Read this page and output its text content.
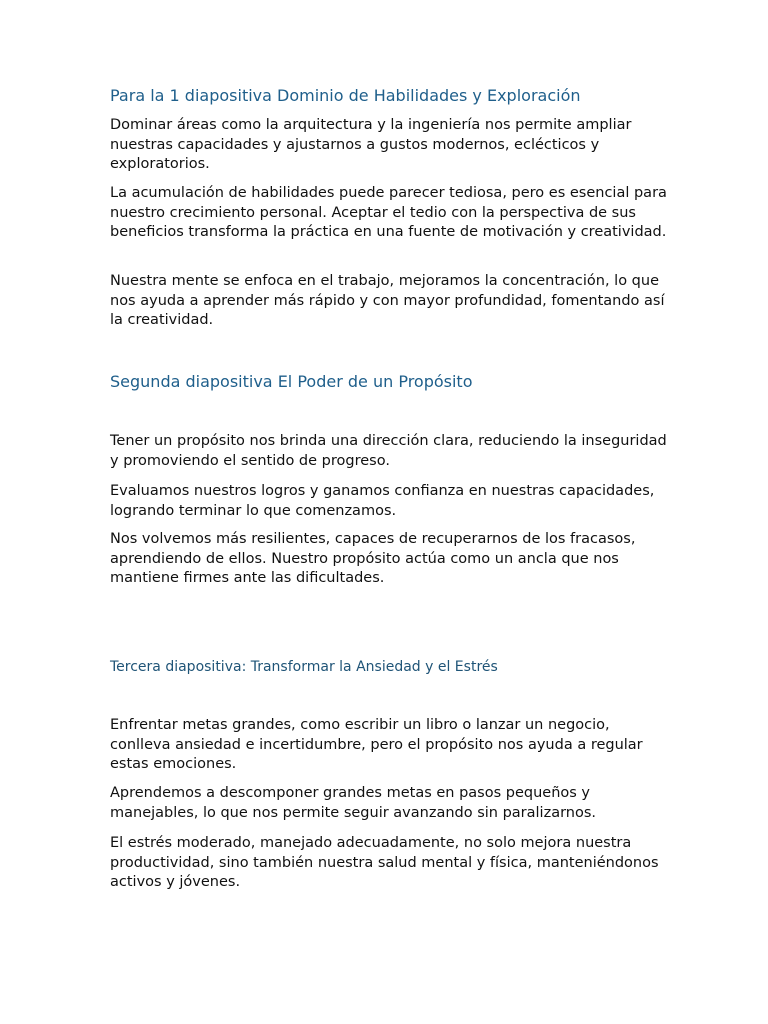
Para la 1 diapositiva Dominio de Habilidades y Exploración

Dominar áreas como la arquitectura y la ingeniería nos permite ampliar nuestras capacidades y ajustarnos a gustos modernos, eclécticos y exploratorios.

La acumulación de habilidades puede parecer tediosa, pero es esencial para nuestro crecimiento personal. Aceptar el tedio con la perspectiva de sus beneficios transforma la práctica en una fuente de motivación y creatividad.

Nuestra mente se enfoca en el trabajo, mejoramos la concentración, lo que nos ayuda a aprender más rápido y con mayor profundidad, fomentando así la creatividad.

Segunda diapositiva El Poder de un Propósito

Tener un propósito nos brinda una dirección clara, reduciendo la inseguridad y promoviendo el sentido de progreso.

Evaluamos nuestros logros y ganamos confianza en nuestras capacidades, logrando terminar lo que comenzamos.

Nos volvemos más resilientes, capaces de recuperarnos de los fracasos, aprendiendo de ellos. Nuestro propósito actúa como un ancla que nos mantiene firmes ante las dificultades.

Tercera diapositiva: Transformar la Ansiedad y el Estrés

Enfrentar metas grandes, como escribir un libro o lanzar un negocio, conlleva ansiedad e incertidumbre, pero el propósito nos ayuda a regular estas emociones.

Aprendemos a descomponer grandes metas en pasos pequeños y manejables, lo que nos permite seguir avanzando sin paralizarnos.

El estrés moderado, manejado adecuadamente, no solo mejora nuestra productividad, sino también nuestra salud mental y física, manteniéndonos activos y jóvenes.
